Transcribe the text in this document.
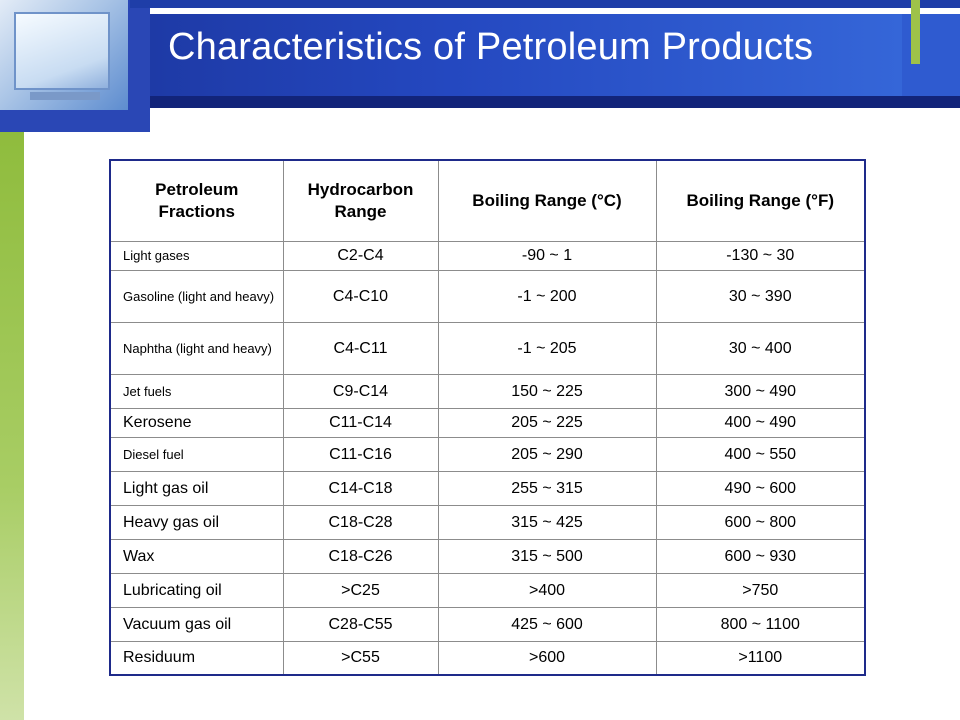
Characteristics of Petroleum Products
Petroleum Fractions	Hydrocarbon Range	Boiling Range (°C)	Boiling Range (°F)
Light gases	C2-C4	-90 ~ 1	-130 ~ 30
Gasoline (light and heavy)	C4-C10	-1 ~ 200	30 ~ 390
Naphtha (light and heavy)	C4-C11	-1 ~ 205	30 ~ 400
Jet fuels	C9-C14	150 ~ 225	300 ~ 490
Kerosene	C11-C14	205 ~ 225	400 ~ 490
Diesel fuel	C11-C16	205 ~ 290	400 ~ 550
Light gas oil	C14-C18	255 ~ 315	490 ~ 600
Heavy gas oil	C18-C28	315 ~ 425	600 ~ 800
Wax	C18-C26	315 ~ 500	600 ~ 930
Lubricating oil	>C25	>400	>750
Vacuum gas oil	C28-C55	425 ~ 600	800 ~ 1100
Residuum	>C55	>600	>1100
